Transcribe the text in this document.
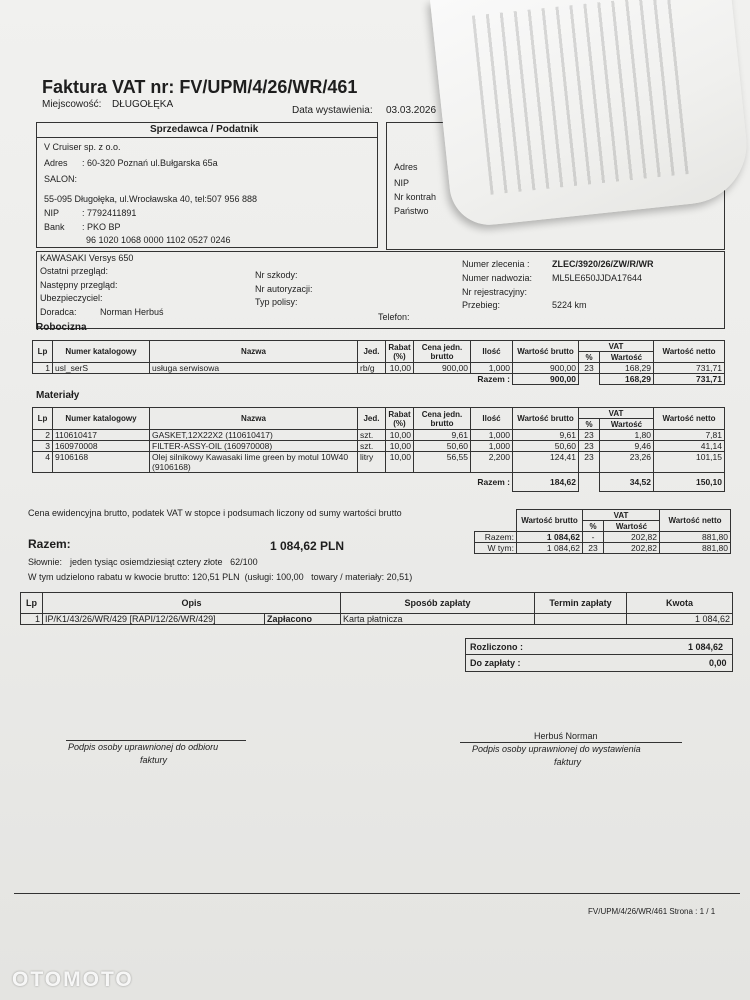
Faktura VAT nr: FV/UPM/4/26/WR/461
Miejscowość: DŁUGOŁĘKA
Data wystawienia: 03.03.2026
Sprzedawca / Podatnik
V Cruiser sp. z o.o.
Adres : 60-320 Poznań ul.Bułgarska 65a
SALON:
55-095 Długołęka, ul.Wrocławska 40, tel:507 956 888
NIP	: 7792411891
Bank : PKO BP
96 1020 1068 0000 1102 0527 0246
Adres
NIP
Nr kontrah
Państwo
KAWASAKI Versys 650
Ostatni przegląd:
Następny przegląd:
Ubezpieczyciel:
Doradca:	Norman Herbuś
Nr szkody:
Nr autoryzacji:
Typ polisy:
Telefon:
Numer zlecenia : ZLEC/3920/26/ZW/R/WR
Numer nadwozia: ML5LE650JJDA17644
Nr rejestracyjny:
Przebieg:	5224 km
Robocizna
Lp	Numer katalogowy	Nazwa	Jed.	Rabat (%)	Cena jedn. brutto	Ilość	Wartość brutto	VAT		Wartość netto
								%	Wartość	
1	usl_serS	usługa serwisowa	rb/g	10,00	900,00	1,000	900,00	23	168,29	731,71
Razem :							900,00		168,29	731,71
Materiały
Lp	Numer katalogowy	Nazwa	Jed.	Rabat (%)	Cena jedn. brutto	Ilość	Wartość brutto	VAT		Wartość netto
								%	Wartość	
2	110610417	GASKET,12X22X2 (110610417)	szt.	10,00	9,61	1,000	9,61	23	1,80	7,81
3	160970008	FILTER-ASSY-OIL (160970008)	szt.	10,00	50,60	1,000	50,60	23	9,46	41,14
4	9106168	Olej silnikowy Kawasaki lime green by motul 10W40
(9106168)	litry	10,00	56,55	2,200	124,41	23	23,26	101,15
Razem :							184,62		34,52	150,10
Cena ewidencyjna brutto, podatek VAT w stopce i podsumach liczony od sumy wartości brutto
Razem:	1 084,62 PLN
Słownie: jeden tysiąc osiemdziesiąt cztery złote   62/100
W tym udzielono rabatu w kwocie brutto: 120,51 PLN  (usługi: 100,00   towary / materiały: 20,51)
	Wartość brutto	VAT		Wartość netto
		%	Wartość	
Razem:	1 084,62	-	202,82	881,80
W tym:	1 084,62	23	202,82	881,80
Lp	Opis		Sposób zapłaty	Termin zapłaty	Kwota
1	IP/K1/43/26/WR/429 [RAPI/12/26/WR/429]	Zapłacono	Karta płatnicza		1 084,62
Rozliczono :	1 084,62
Do zapłaty :	0,00
Podpis osoby uprawnionej do odbioru
faktury
Herbuś Norman
Podpis osoby uprawnionej do wystawienia
faktury
FV/UPM/4/26/WR/461 Strona : 1 / 1
OTOMOTO
